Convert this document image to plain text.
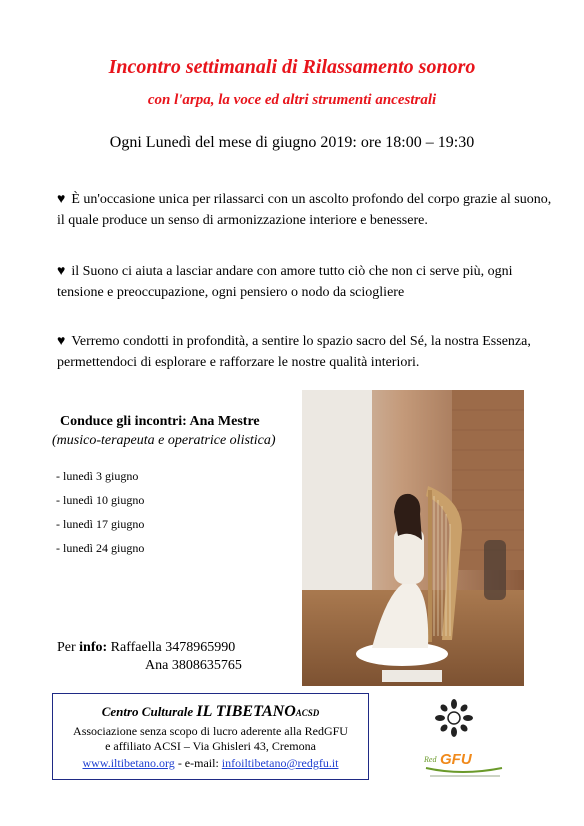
Incontro settimanali di Rilassamento sonoro
con l'arpa, la voce ed altri strumenti ancestrali
Ogni Lunedì del mese di giugno 2019: ore 18:00 – 19:30
♥ È un'occasione unica per rilassarci con un ascolto profondo del corpo grazie al suono, il quale produce un senso di armonizzazione interiore e benessere.
♥ il Suono ci aiuta a lasciar andare con amore tutto ciò che non ci serve più, ogni tensione e preoccupazione, ogni pensiero o nodo da sciogliere
♥ Verremo condotti in profondità, a sentire lo spazio sacro del Sé, la nostra Essenza, permettendoci di esplorare e rafforzare le nostre qualità interiori.
Conduce gli incontri: Ana Mestre
(musico-terapeuta e operatrice olistica)
- lunedì 3 giugno
- lunedì 10 giugno
- lunedì 17 giugno
- lunedì 24 giugno
Per info: Raffaella 3478965990
Ana 3808635765
Centro Culturale IL TIBETANOACSD
Associazione senza scopo di lucro aderente alla RedGFU
e affiliato ACSI – Via Ghisleri 43, Cremona
www.iltibetano.org - e-mail: infoiltibetano@redgfu.it	Red GFU
